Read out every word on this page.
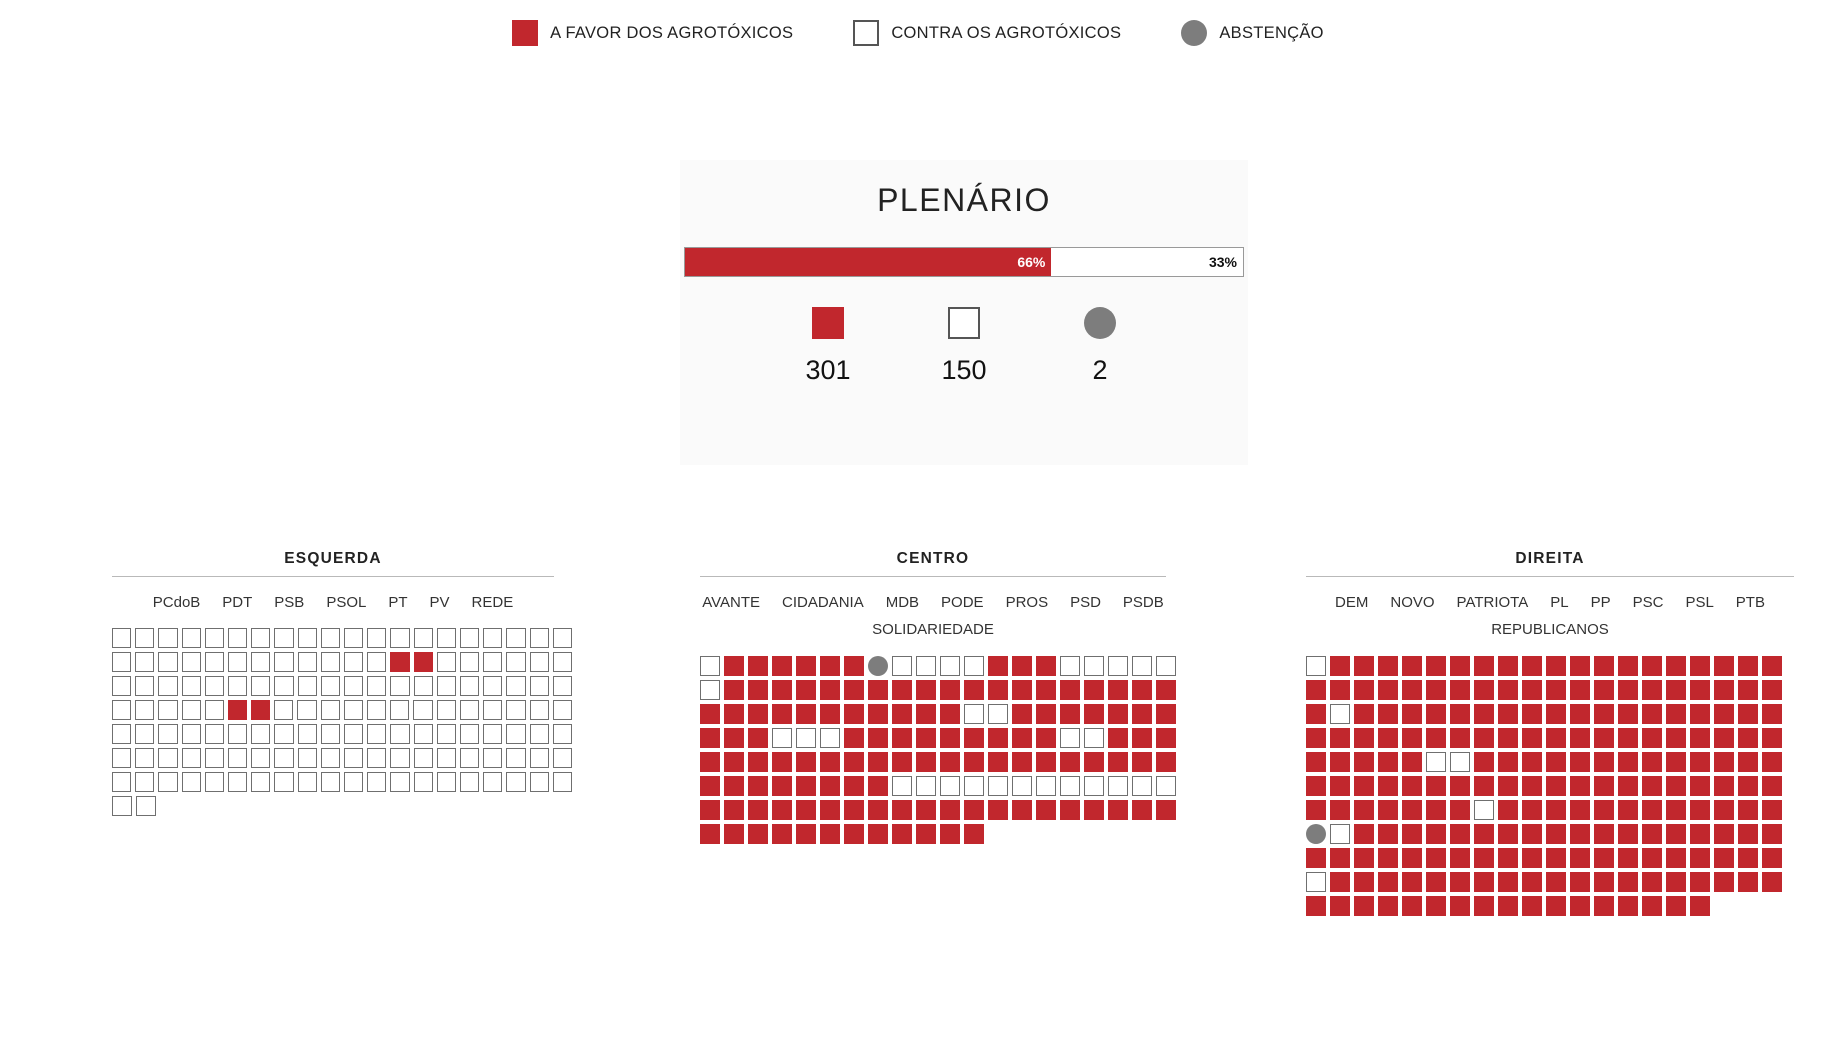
A FAVOR DOS AGROTÓXICOS	CONTRA OS AGROTÓXICOS	ABSTENÇÃO
PLENÁRIO
66%	33%
301	150	2
ESQUERDA
PCdoB PDT PSB PSOL PT PV REDE
CENTRO
AVANTE CIDADANIA MDB PODE PROS PSD PSDB
SOLIDARIEDADE
DIREITA
DEM NOVO PATRIOTA PL PP PSC PSL PTB
REPUBLICANOS
